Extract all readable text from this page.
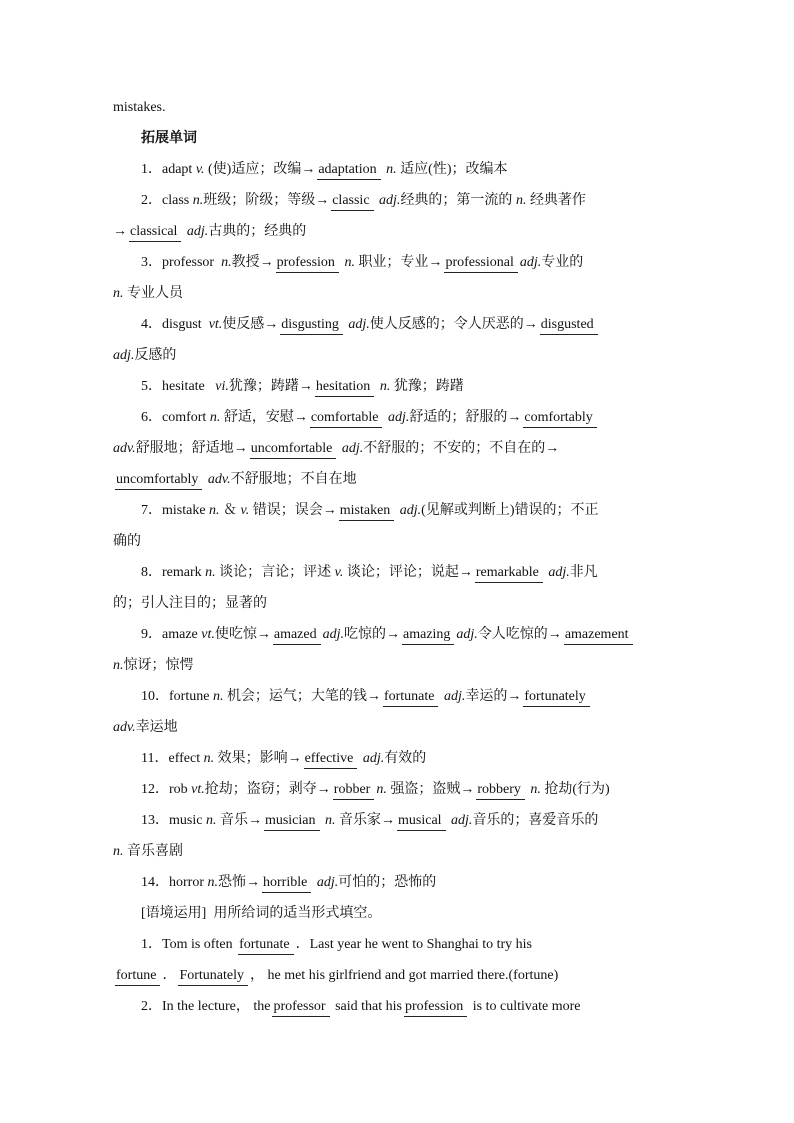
mistakes.
拓展单词
1．adapt v. (使)适应；改编→ adaptation n. 适应(性)；改编本
2．class n.班级；阶级；等级→ classic adj.经典的；第一流的 n. 经典著作
→ classical adj.古典的；经典的
3．professor n.教授→ profession n. 职业；专业→ professional adj.专业的
n. 专业人员
4．disgust vt.使反感→ disgusting adj.使人反感的；令人厌恶的→ disgusted
adj.反感的
5．hesitate vi.犹豫；踌躇→ hesitation n. 犹豫；踌躇
6．comfort n. 舒适，安慰→ comfortable adj.舒适的；舒服的→ comfortably
adv.舒服地；舒适地→ uncomfortable adj.不舒服的；不安的；不自在的→
uncomfortably adv.不舒服地；不自在地
7．mistake n. ＆ v. 错误；误会→ mistaken adj.(见解或判断上)错误的；不正
确的
8．remark n. 谈论；言论；评述 v. 谈论；评论；说起→ remarkable adj.非凡
的；引人注目的；显著的
9．amaze vt.使吃惊→ amazed adj.吃惊的→ amazing adj.令人吃惊的→ amazement
n.惊讶；惊愕
10．fortune n. 机会；运气；大笔的钱→ fortunate adj.幸运的→ fortunately
adv.幸运地
11．effect n. 效果；影响→ effective adj.有效的
12．rob vt.抢劫；盗窃；剥夺→ robber n. 强盗；盗贼→ robbery n. 抢劫(行为)
13．music n. 音乐→ musician n. 音乐家→ musical adj.音乐的；喜爱音乐的
n. 音乐喜剧
14．horror n.恐怖→ horrible adj.可怕的；恐怖的
[语境运用] 用所给词的适当形式填空。
1．Tom is often fortunate ．Last year he went to Shanghai to try his
fortune ． Fortunately ， he met his girlfriend and got married there.(fortune)
2．In the lecture， the professor said that his profession is to cultivate more
